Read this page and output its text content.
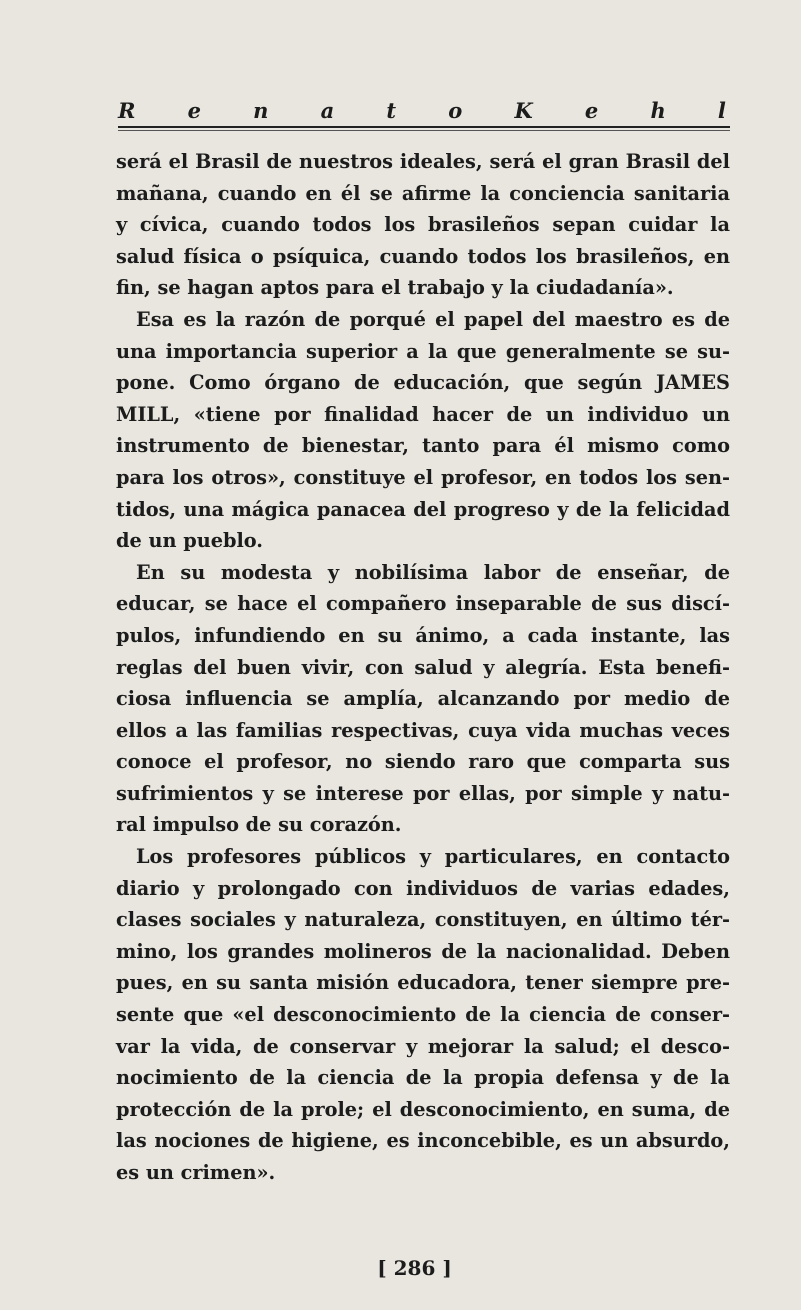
R e n a t o K e h l
será el Brasil de nuestros ideales, será el gran Brasil del
mañana, cuando en él se afirme la conciencia sanitaria
y cívica, cuando todos los brasileños sepan cuidar la
salud física o psíquica, cuando todos los brasileños, en
fin, se hagan aptos para el trabajo y la ciudadanía».
Esa es la razón de porqué el papel del maestro es de
una importancia superior a la que generalmente se su-
pone. Como órgano de educación, que según JAMES
MILL, «tiene por finalidad hacer de un individuo un
instrumento de bienestar, tanto para él mismo como
para los otros», constituye el profesor, en todos los sen-
tidos, una mágica panacea del progreso y de la felicidad
de un pueblo.
En su modesta y nobilísima labor de enseñar, de
educar, se hace el compañero inseparable de sus discí-
pulos, infundiendo en su ánimo, a cada instante, las
reglas del buen vivir, con salud y alegría. Esta benefi-
ciosa influencia se amplía, alcanzando por medio de
ellos a las familias respectivas, cuya vida muchas veces
conoce el profesor, no siendo raro que comparta sus
sufrimientos y se interese por ellas, por simple y natu-
ral impulso de su corazón.
Los profesores públicos y particulares, en contacto
diario y prolongado con individuos de varias edades,
clases sociales y naturaleza, constituyen, en último tér-
mino, los grandes molineros de la nacionalidad. Deben
pues, en su santa misión educadora, tener siempre pre-
sente que «el desconocimiento de la ciencia de conser-
var la vida, de conservar y mejorar la salud; el desco-
nocimiento de la ciencia de la propia defensa y de la
protección de la prole; el desconocimiento, en suma, de
las nociones de higiene, es inconcebible, es un absurdo,
es un crimen».
[ 286 ]
